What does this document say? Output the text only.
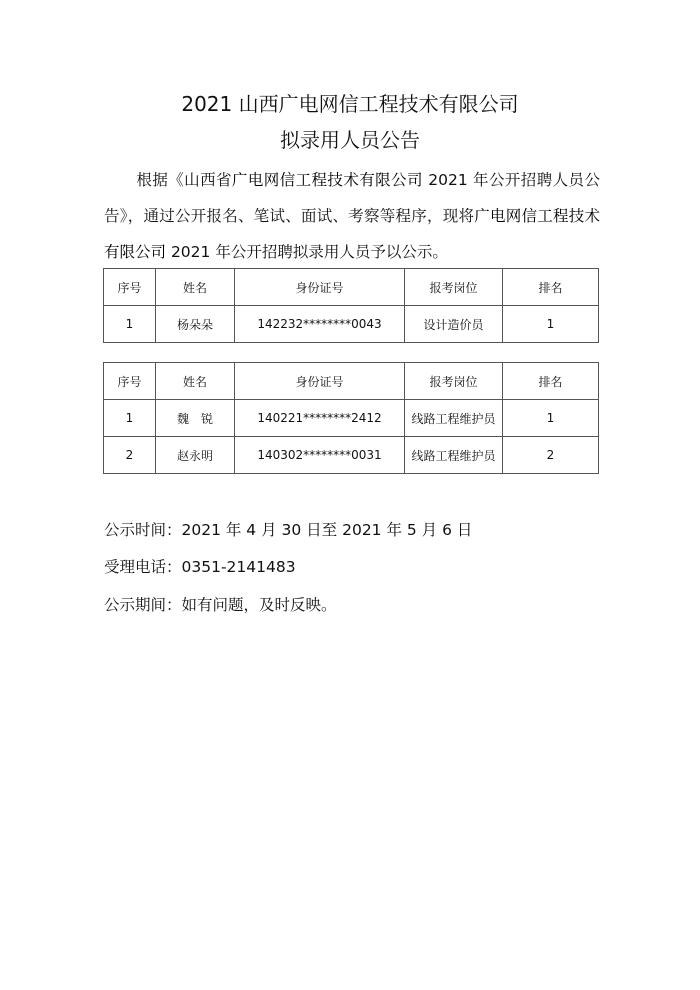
2021 山西广电网信工程技术有限公司
拟录用人员公告

根据《山西省广电网信工程技术有限公司 2021 年公开招聘人员公告》，通过公开报名、笔试、面试、考察等程序，现将广电网信工程技术有限公司 2021 年公开招聘拟录用人员予以公示。

序号	姓名	身份证号	报考岗位	排名
1	杨朵朵	142232********0043	设计造价员	1
序号	姓名	身份证号	报考岗位	排名
1	魏　锐	140221********2412	线路工程维护员	1
2	赵永明	140302********0031	线路工程维护员	2
公示时间：2021 年 4 月 30 日至 2021 年 5 月 6 日
受理电话：0351-2141483
公示期间：如有问题，及时反映。
